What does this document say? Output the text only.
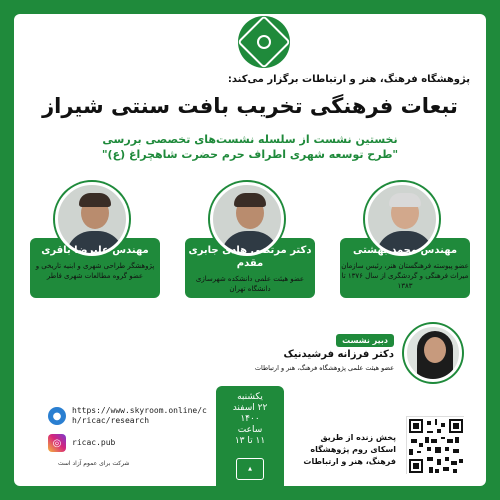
پژوهشگاه فرهنگ، هنر و ارتباطات برگزار می‌کند:
تبعات فرهنگی تخریب بافت سنتی شیراز
نخستین نشست از سلسله نشست‌های تخصصی بررسی
"طرح توسعه شهری اطراف حرم حضرت شاهچراغ (ع)"
مهندس علیرضا باقری
پژوهشگر طراحی شهری و ابنیه تاریخی و عضو گروه مطالعات شهری فاطر
دکتر مرتضی هادی جابری مقدم
عضو هیئت علمی دانشکده شهرسازی دانشگاه تهران
مهندس محمد بهشتی
عضو پیوسته فرهنگستان هنر، رئیس سازمان میراث فرهنگی و گردشگری از سال ۱۳۷۶ تا ۱۳۸۳
دبیر نشست
دکتر فرزانه فرشیدنیک
عضو هیئت علمی پژوهشگاه فرهنگ، هنر و ارتباطات
یکشنبه
۲۲ اسفند
۱۴۰۰
ساعت
۱۱ تا ۱۳
▲
●	https://www.skyroom.online/ch/ricac/research
◎	ricac.pub
شرکت برای عموم آزاد است
پخش زنده از طریق اسکای روم پژوهشگاه فرهنگ، هنر و ارتباطات
